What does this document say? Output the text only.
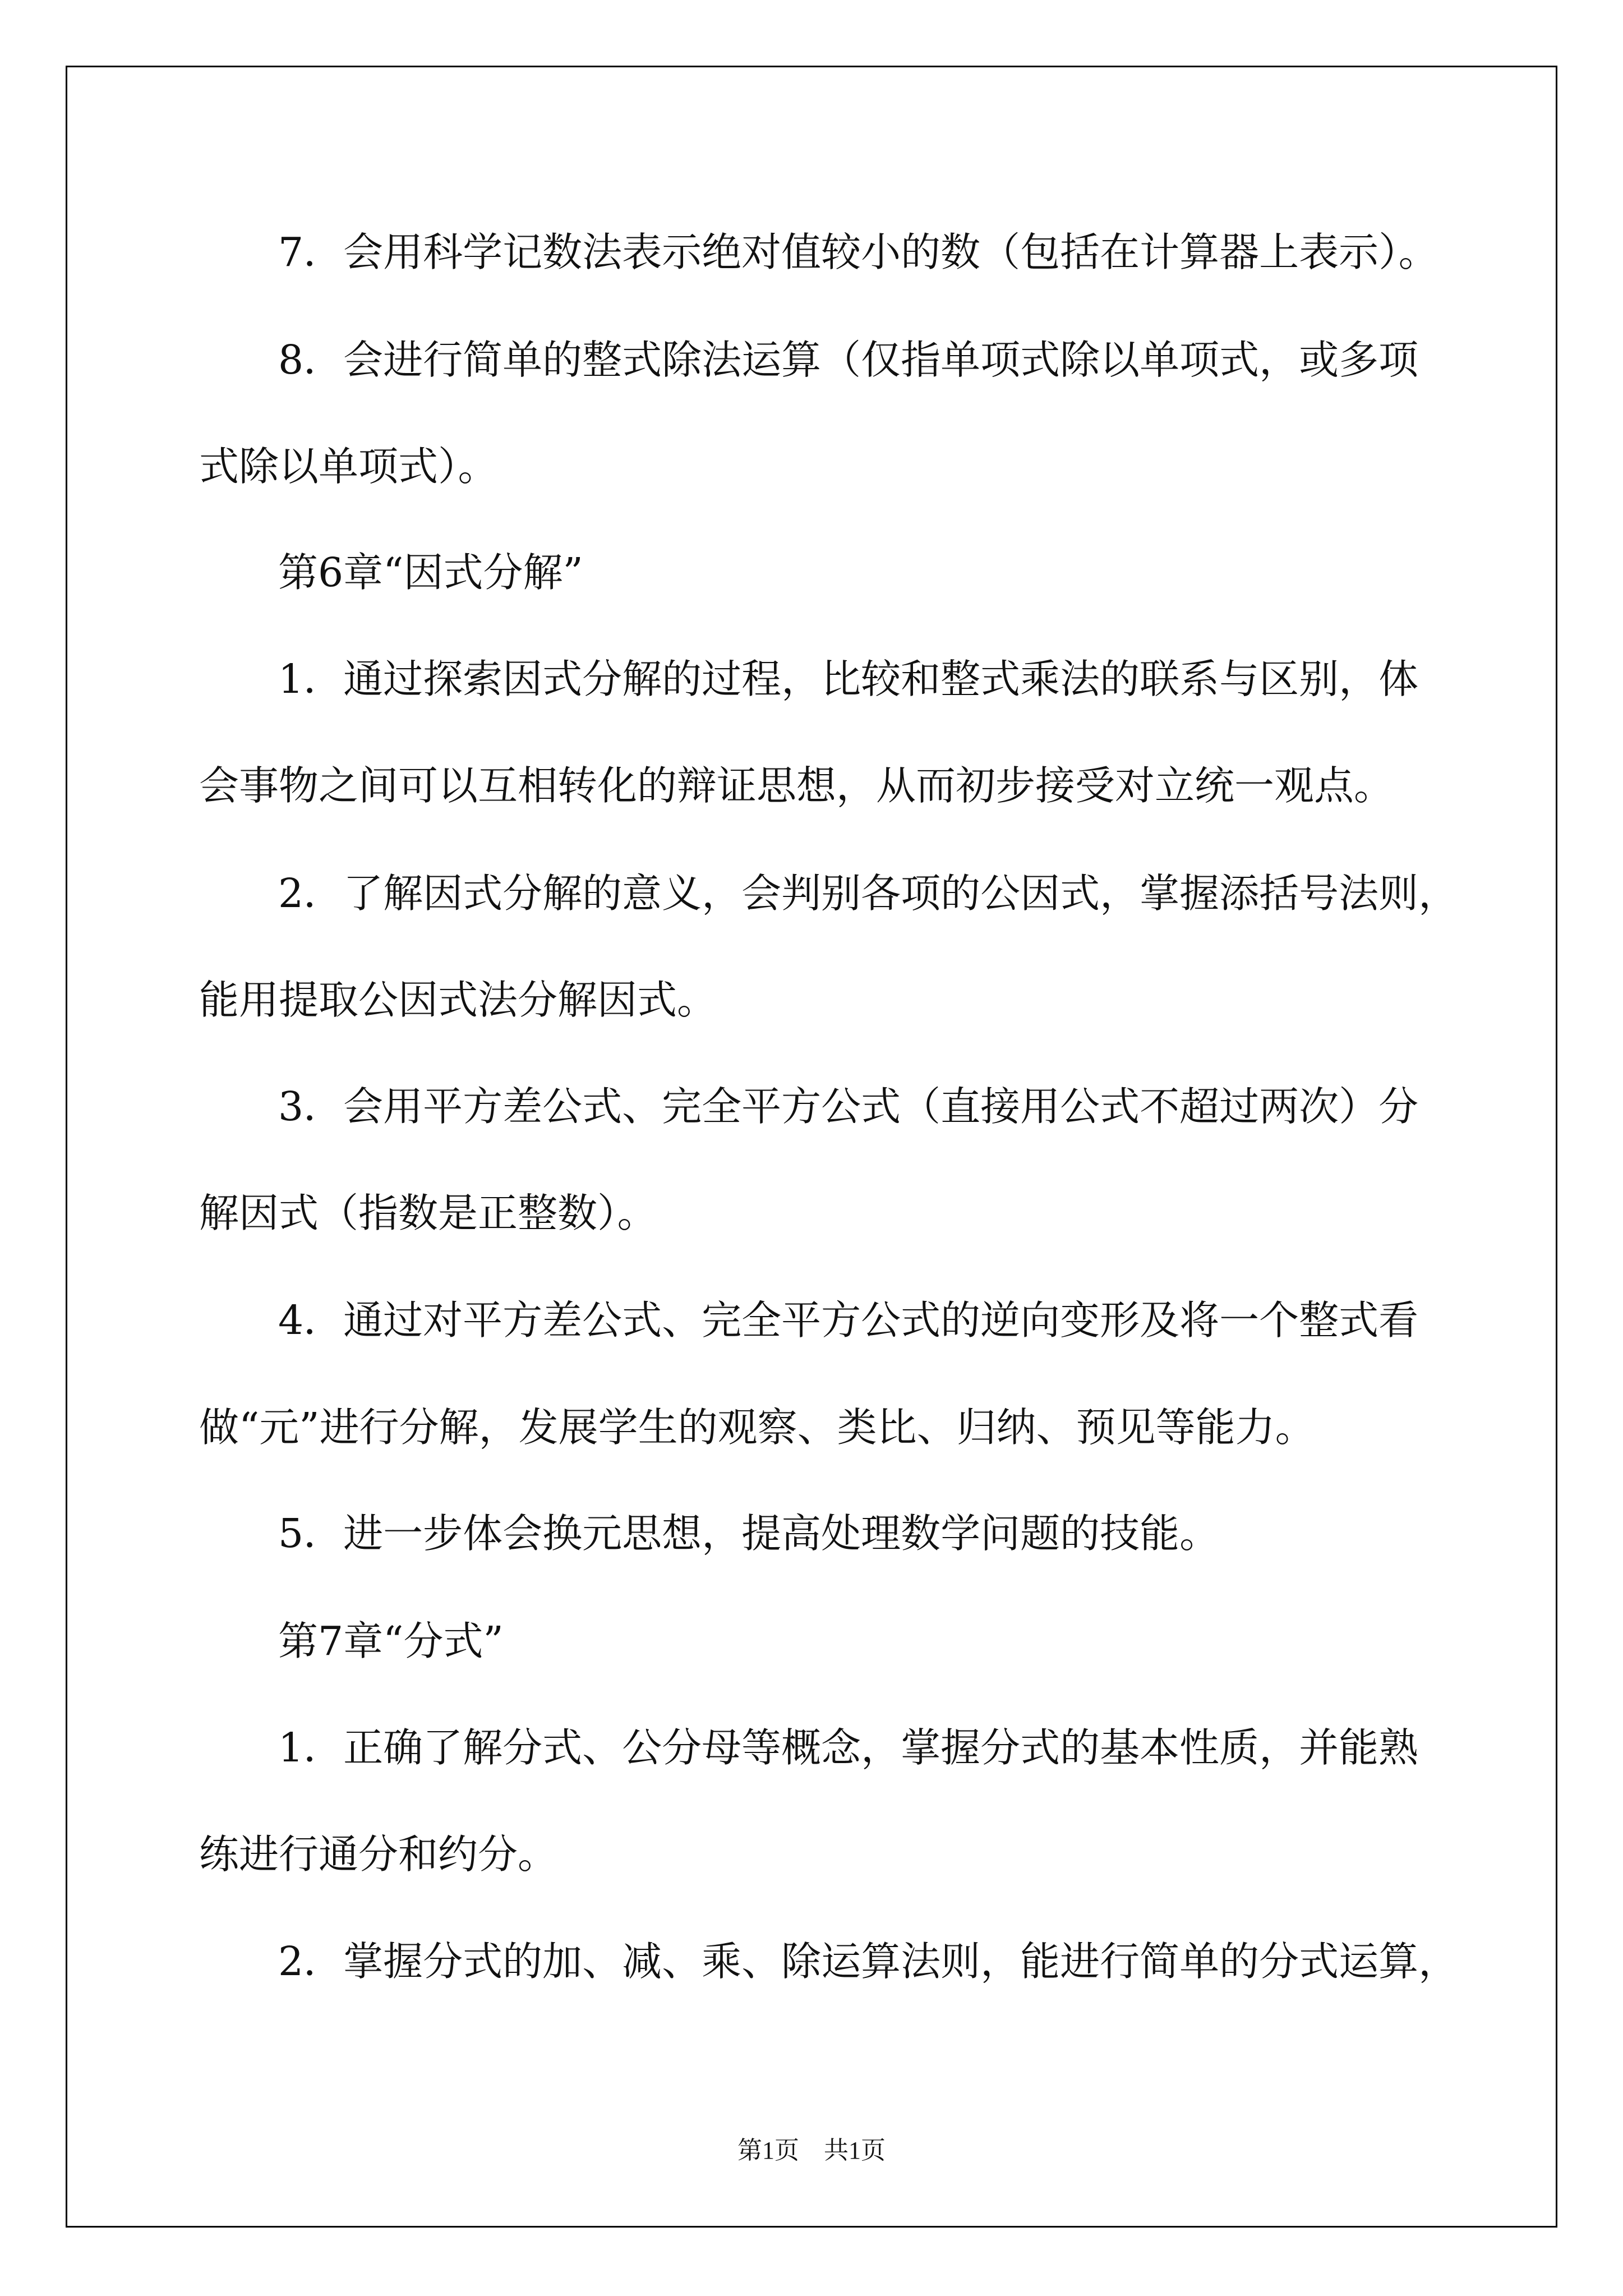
7．会用科学记数法表示绝对值较小的数（包括在计算器上表示）。
8．会进行简单的整式除法运算（仅指单项式除以单项式，或多项
式除以单项式）。
第6章“因式分解”
1．通过探索因式分解的过程，比较和整式乘法的联系与区别，体
会事物之间可以互相转化的辩证思想，从而初步接受对立统一观点。
2．了解因式分解的意义，会判别各项的公因式，掌握添括号法则，
能用提取公因式法分解因式。
3．会用平方差公式、完全平方公式（直接用公式不超过两次）分
解因式（指数是正整数）。
4．通过对平方差公式、完全平方公式的逆向变形及将一个整式看
做“元”进行分解，发展学生的观察、类比、归纳、预见等能力。
5．进一步体会换元思想，提高处理数学问题的技能。
第7章“分式”
1．正确了解分式、公分母等概念，掌握分式的基本性质，并能熟
练进行通分和约分。
2．掌握分式的加、减、乘、除运算法则，能进行简单的分式运算，
第1页　共1页
